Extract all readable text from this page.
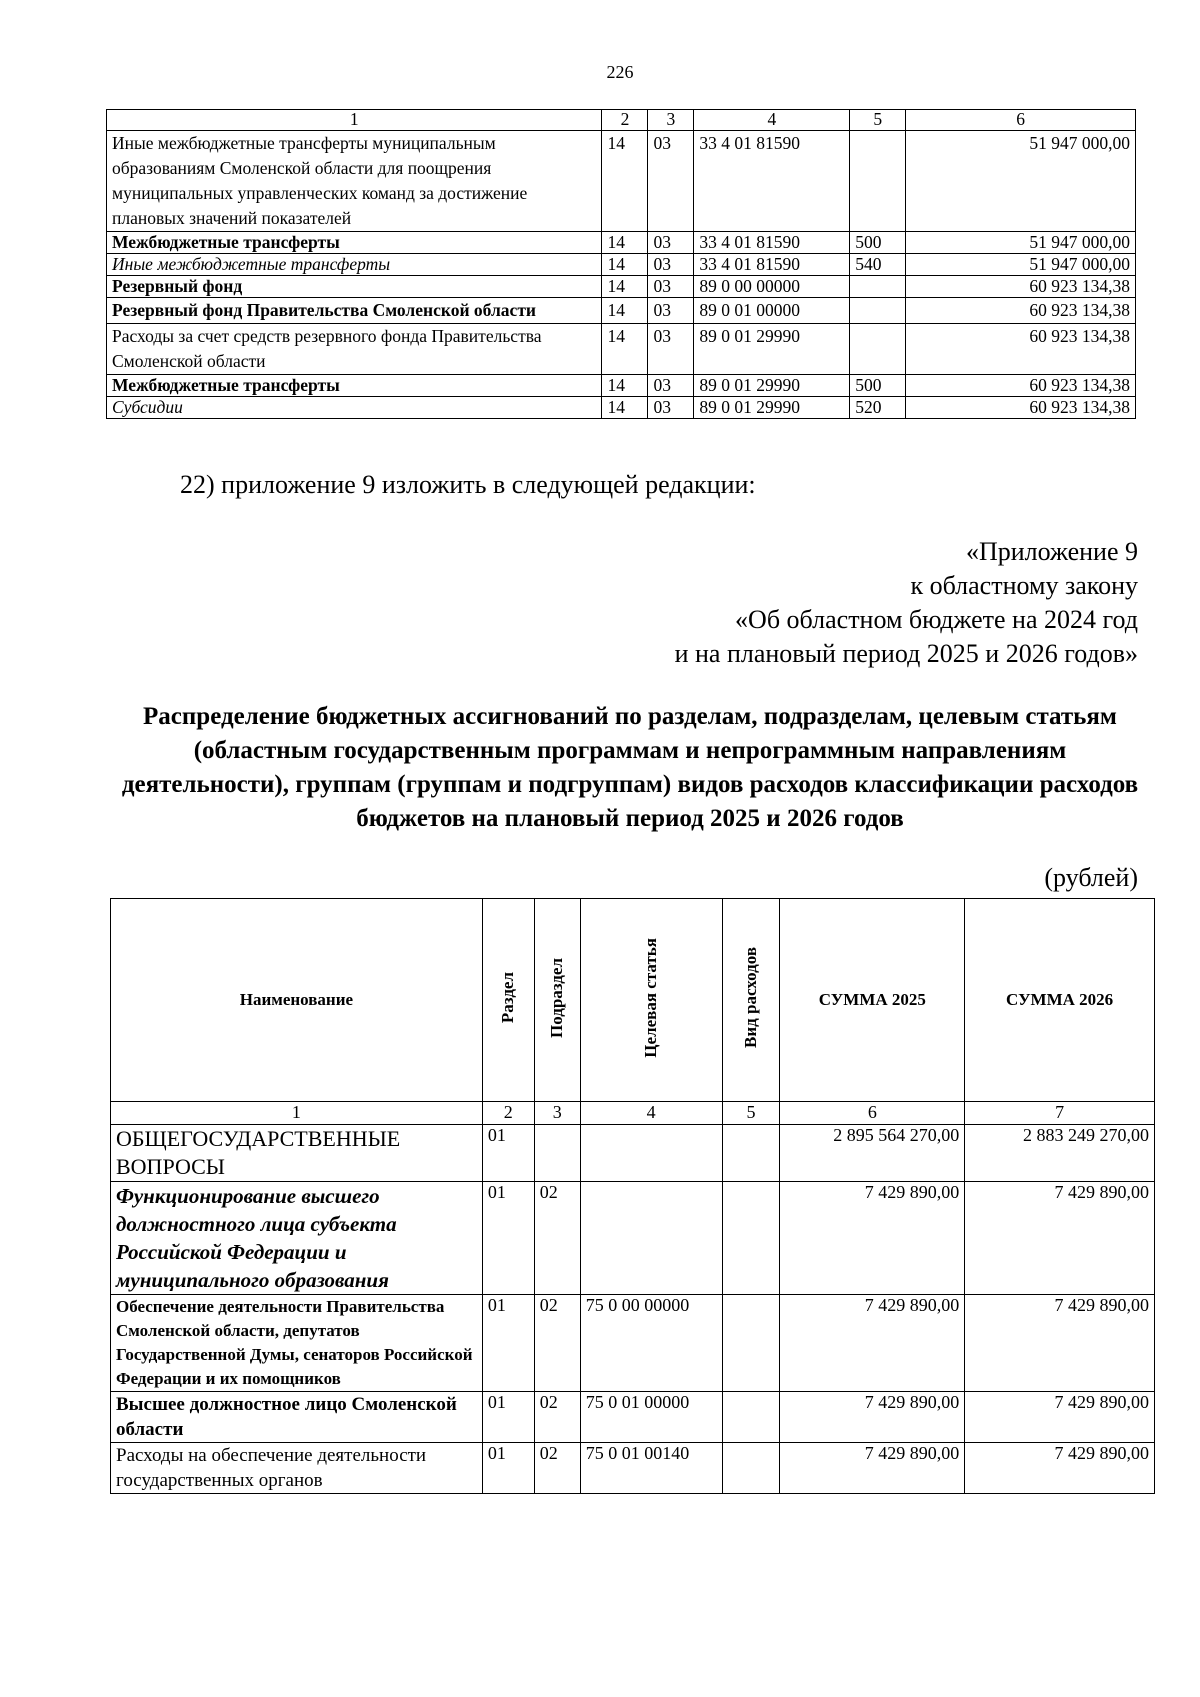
226
1	2	3	4	5	6
Иные межбюджетные трансферты муниципальным образованиям Смоленской области для поощрения муниципальных управленческих команд за достижение плановых значений показателей	14	03	33 4 01 81590		51 947 000,00
Межбюджетные трансферты	14	03	33 4 01 81590	500	51 947 000,00
Иные межбюджетные трансферты	14	03	33 4 01 81590	540	51 947 000,00
Резервный фонд	14	03	89 0 00 00000		60 923 134,38
Резервный фонд Правительства Смоленской области	14	03	89 0 01 00000		60 923 134,38
Расходы за счет средств резервного фонда Правительства Смоленской области	14	03	89 0 01 29990		60 923 134,38
Межбюджетные трансферты	14	03	89 0 01 29990	500	60 923 134,38
Субсидии	14	03	89 0 01 29990	520	60 923 134,38
22) приложение 9 изложить в следующей редакции:
«Приложение 9
к областному закону
«Об областном бюджете на 2024 год
и на плановый период 2025 и 2026 годов»
Распределение бюджетных ассигнований по разделам, подразделам, целевым статьям (областным государственным программам и непрограммным направлениям деятельности), группам (группам и подгруппам) видов расходов классификации расходов бюджетов на плановый период 2025 и 2026 годов
(рублей)
Наименование	Раздел	Подраздел	Целевая статья	Вид расходов	СУММА 2025	СУММА 2026
1	2	3	4	5	6	7
ОБЩЕГОСУДАРСТВЕННЫЕ ВОПРОСЫ	01				2 895 564 270,00	2 883 249 270,00
Функционирование высшего должностного лица субъекта Российской Федерации и муниципального образования	01	02			7 429 890,00	7 429 890,00
Обеспечение деятельности Правительства Смоленской области, депутатов Государственной Думы, сенаторов Российской Федерации и их помощников	01	02	75 0 00 00000		7 429 890,00	7 429 890,00
Высшее должностное лицо Смоленской области	01	02	75 0 01 00000		7 429 890,00	7 429 890,00
Расходы на обеспечение деятельности государственных органов	01	02	75 0 01 00140		7 429 890,00	7 429 890,00
